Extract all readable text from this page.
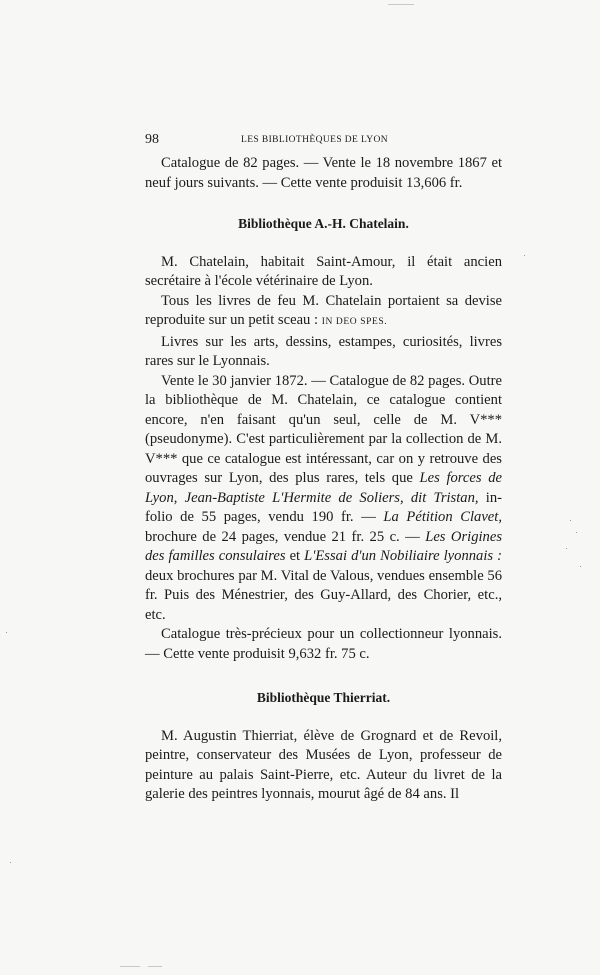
98	LES BIBLIOTHÈQUES DE LYON

Catalogue de 82 pages. — Vente le 18 novembre 1867 et neuf jours suivants. — Cette vente produisit 13,606 fr.

Bibliothèque A.-H. Chatelain.

M. Chatelain, habitait Saint-Amour, il était ancien secrétaire à l'école vétérinaire de Lyon.

Tous les livres de feu M. Chatelain portaient sa devise reproduite sur un petit sceau : IN DEO SPES.

Livres sur les arts, dessins, estampes, curiosités, livres rares sur le Lyonnais.

Vente le 30 janvier 1872. — Catalogue de 82 pages. Outre la bibliothèque de M. Chatelain, ce catalogue contient encore, n'en faisant qu'un seul, celle de M. V*** (pseudonyme). C'est particulièrement par la collection de M. V*** que ce catalogue est intéressant, car on y retrouve des ouvrages sur Lyon, des plus rares, tels que Les forces de Lyon, Jean-Baptiste L'Hermite de Soliers, dit Tristan, in-folio de 55 pages, vendu 190 fr. — La Pétition Clavet, brochure de 24 pages, vendue 21 fr. 25 c. — Les Origines des familles consulaires et L'Essai d'un Nobiliaire lyonnais : deux brochures par M. Vital de Valous, vendues ensemble 56 fr. Puis des Ménestrier, des Guy-Allard, des Chorier, etc., etc.

Catalogue très-précieux pour un collectionneur lyonnais. — Cette vente produisit 9,632 fr. 75 c.

Bibliothèque Thierriat.

M. Augustin Thierriat, élève de Grognard et de Revoil, peintre, conservateur des Musées de Lyon, professeur de peinture au palais Saint-Pierre, etc. Auteur du livret de la galerie des peintres lyonnais, mourut âgé de 84 ans. Il
